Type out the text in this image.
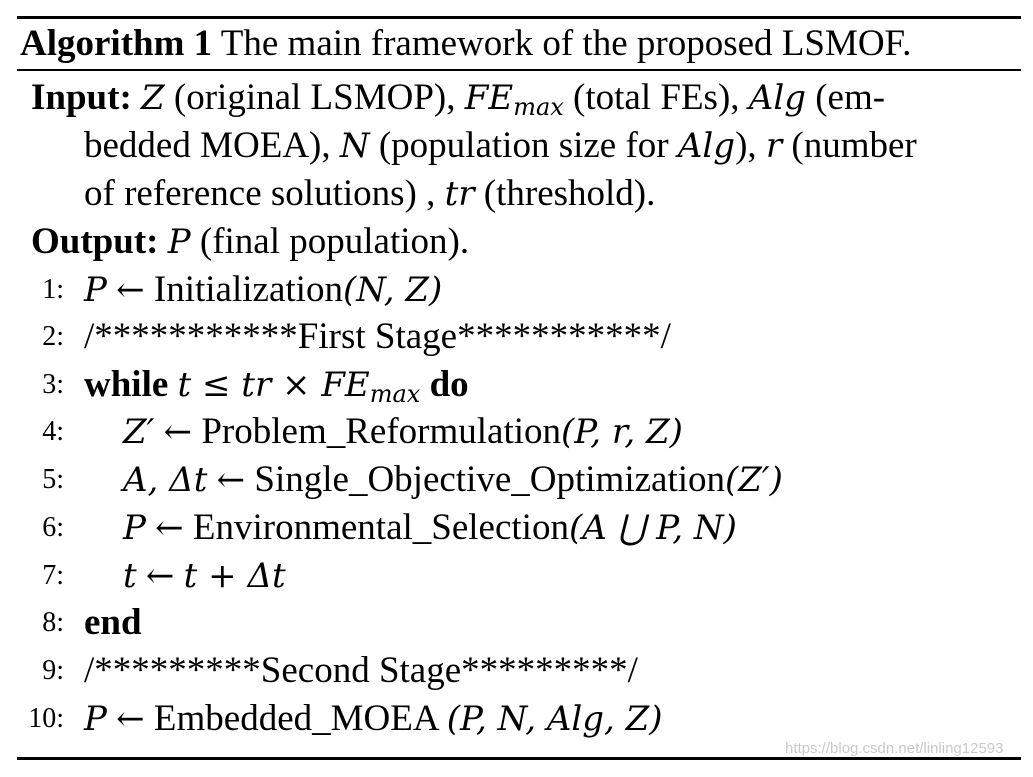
Algorithm 1 The main framework of the proposed LSMOF.
Input: Z (original LSMOP), FEmax (total FEs), Alg (em-
bedded MOEA), N (population size for Alg), r (number
of reference solutions) , tr (threshold).
Output: P (final population).
1: P ← Initialization(N, Z)
2: /***********First Stage***********/
3: while t ≤ tr × FEmax do
4: Z′ ← Problem_Reformulation(P, r, Z)
5: A, Δt ← Single_Objective_Optimization(Z′)
6: P ← Environmental_Selection(A ⋃ P, N)
7: t ← t + Δt
8: end
9: /*********Second Stage*********/
10: P ← Embedded_MOEA (P, N, Alg, Z)
https://blog.csdn.net/linling12593
